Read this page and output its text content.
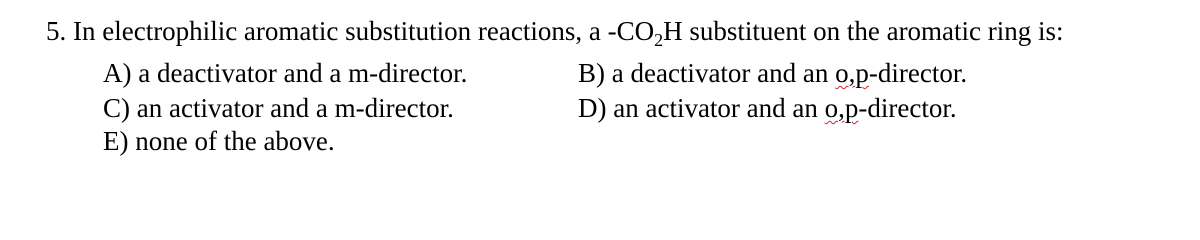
5. In electrophilic aromatic substitution reactions, a $-CO_2H$ substituent on the aromatic ring is:
A) a deactivator and a m-director.	B) a deactivator and an o,p-director.
C) an activator and a m-director.	D) an activator and an o,p-director.
E) none of the above.
